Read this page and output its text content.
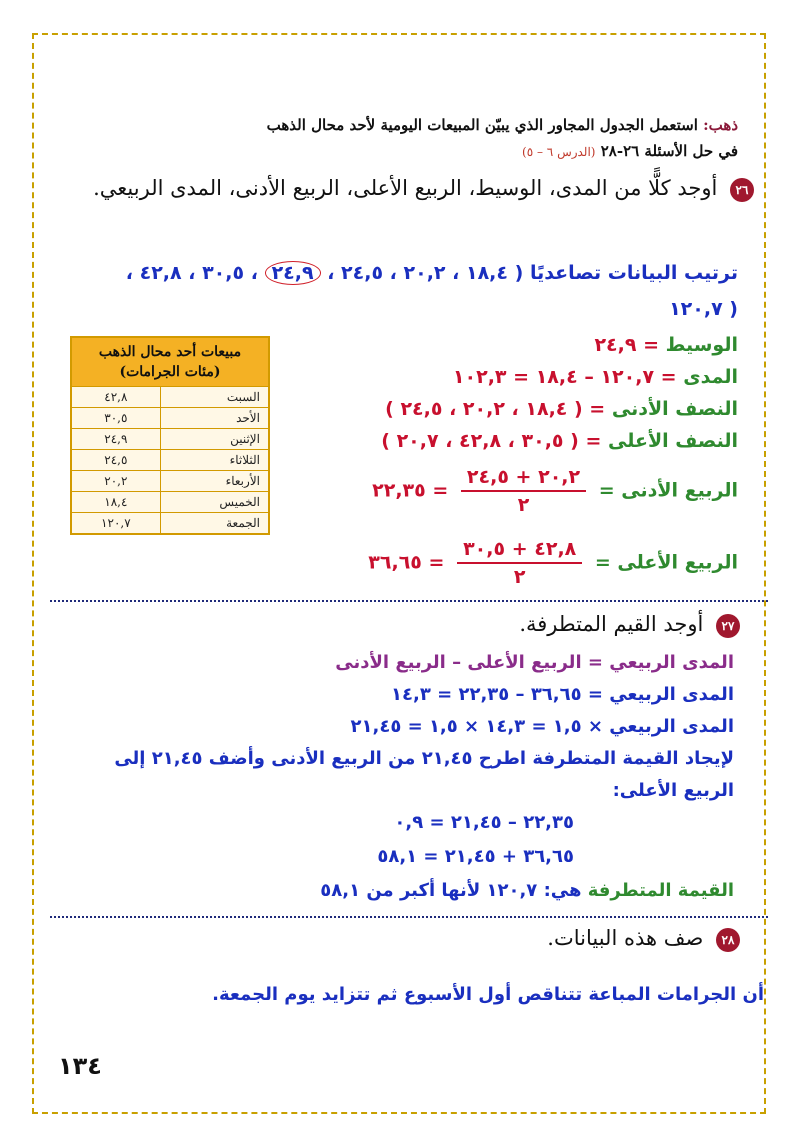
ذهب: استعمل الجدول المجاور الذي يبيّن المبيعات اليومية لأحد محال الذهب
في حل الأسئلة ٢٦-٢٨ (الدرس ٦ – ٥)
٢٦ أوجد كلًّا من المدى، الوسيط، الربيع الأعلى، الربيع الأدنى، المدى الربيعي.
ترتيب البيانات تصاعديًا ( ١٨,٤ ، ٢٠,٢ ، ٢٤,٥ ، ٢٤,٩ ، ٣٠,٥ ، ٤٢,٨ ،
( ١٢٠,٧
الوسيط = ٢٤,٩
المدى = ١٢٠,٧ – ١٨,٤ = ١٠٢,٣
النصف الأدنى = ( ١٨,٤ ، ٢٠,٢ ، ٢٤,٥ )
النصف الأعلى = ( ٣٠,٥ ، ٤٢,٨ ، ٢٠,٧ )
الربيع الأدنى =
$\frac{٢٠,٢ + ٢٤,٥}{٢}$
= ٢٢,٣٥
الربيع الأعلى =
$\frac{٤٢,٨ + ٣٠,٥}{٢}$
= ٣٦,٦٥
مبيعات أحد محال الذهب
(مئات الجرامات)
السبت	٤٢,٨
الأحد	٣٠,٥
الإثنين	٢٤,٩
الثلاثاء	٢٤,٥
الأربعاء	٢٠,٢
الخميس	١٨,٤
الجمعة	١٢٠,٧
٢٧ أوجد القيم المتطرفة.
المدى الربيعي = الربيع الأعلى – الربيع الأدنى
المدى الربيعي = ٣٦,٦٥ – ٢٢,٣٥ = ١٤,٣
المدى الربيعي × ١,٥ = ١٤,٣ × ١,٥ = ٢١,٤٥
لإيجاد القيمة المتطرفة اطرح ٢١,٤٥ من الربيع الأدنى وأضف ٢١,٤٥ إلى
الربيع الأعلى:
٢٢,٣٥ – ٢١,٤٥ = ٠,٩
٣٦,٦٥ + ٢١,٤٥ = ٥٨,١
القيمة المتطرفة هي: ١٢٠,٧ لأنها أكبر من ٥٨,١
٢٨ صف هذه البيانات.
أن الجرامات المباعة تتناقص أول الأسبوع ثم تتزايد يوم الجمعة.
١٣٤
